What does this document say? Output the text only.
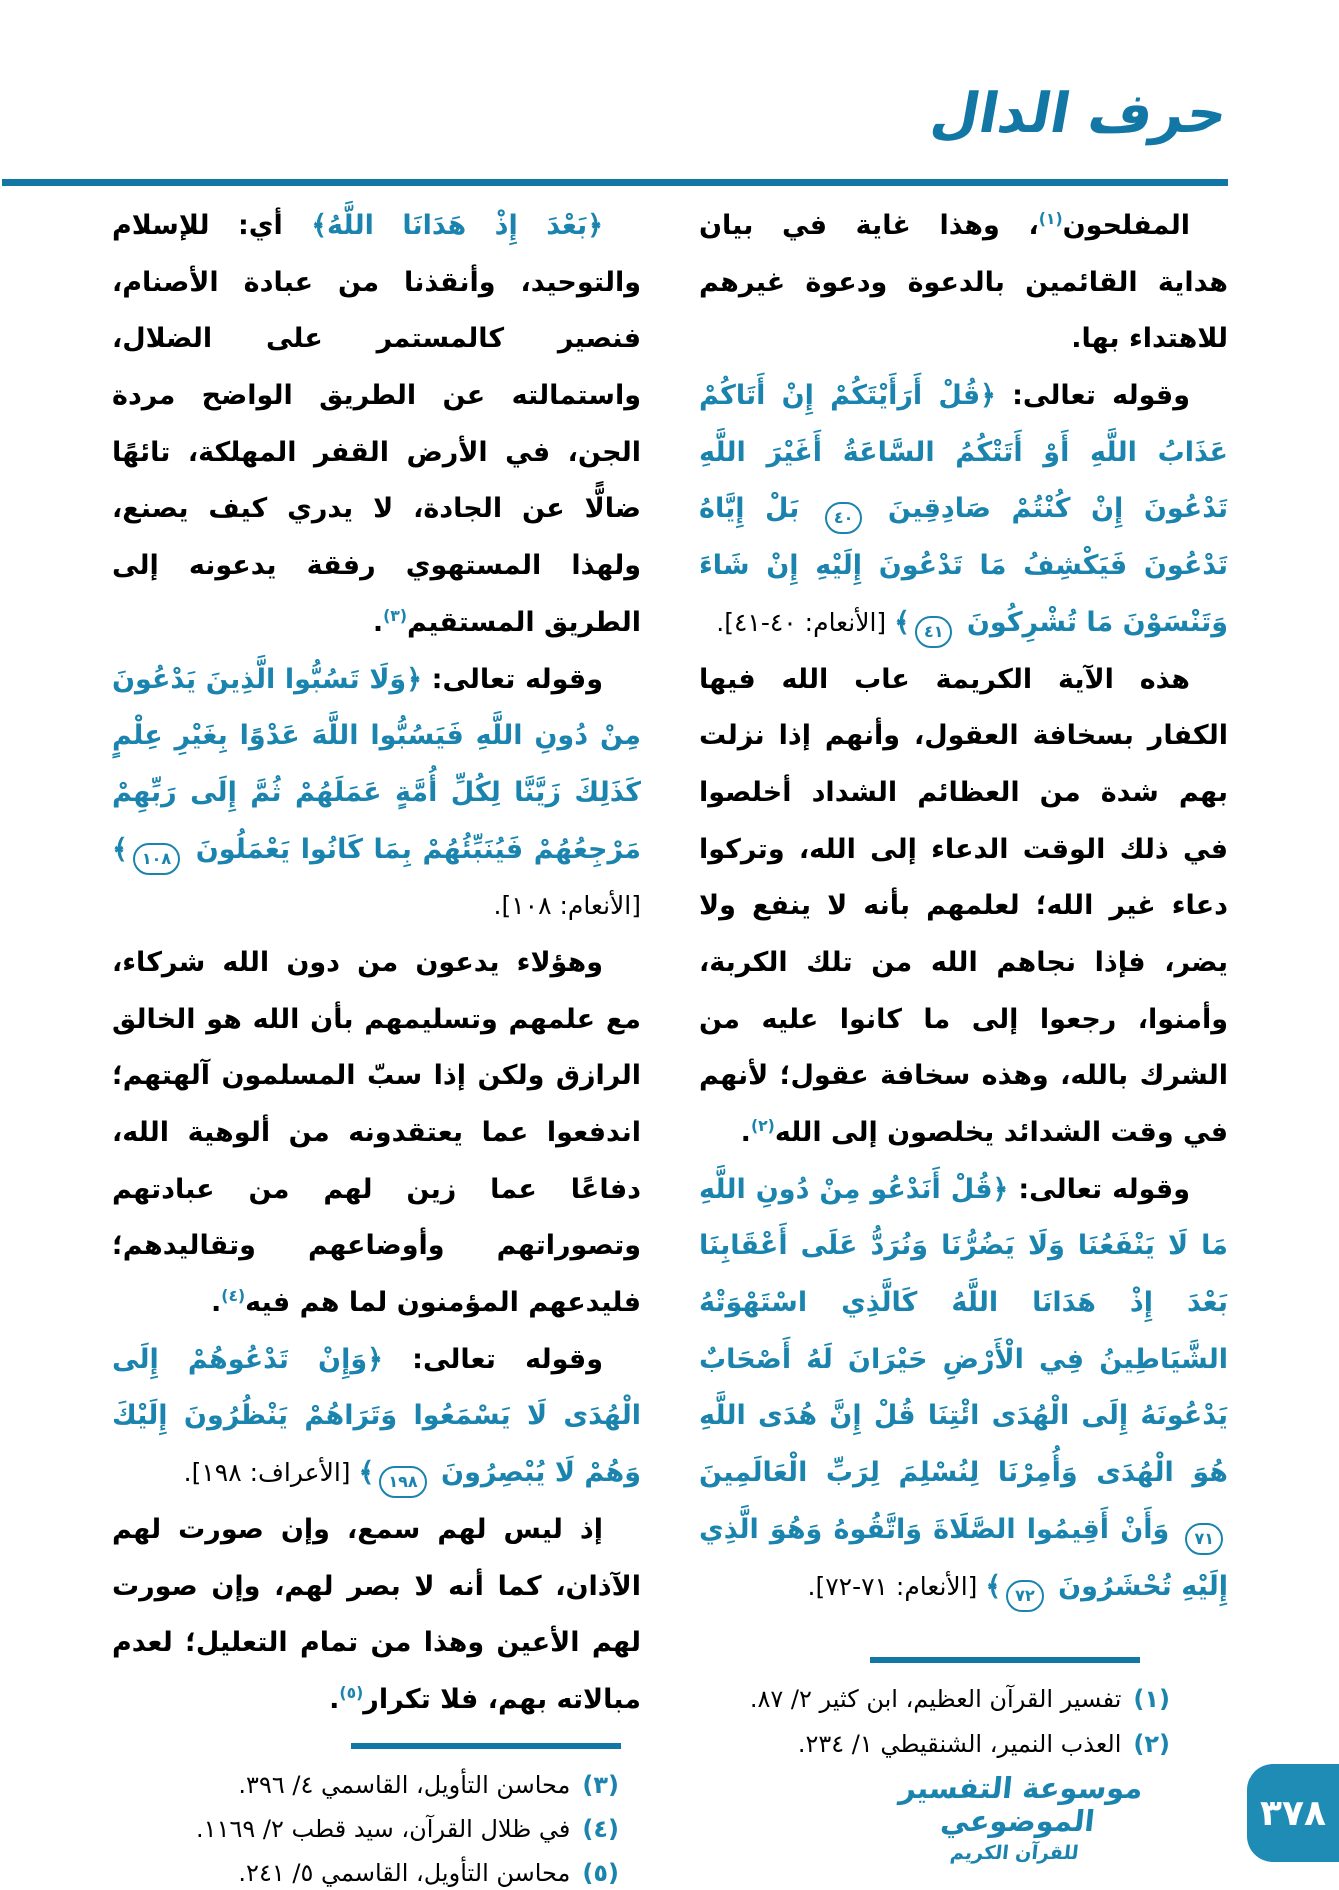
حرف الدال

المفلحون$^{(١)}$، وهذا غاية في بيان هداية القائمين بالدعوة ودعوة غيرهم للاهتداء بها.

وقوله تعالى: ﴿قُلْ أَرَأَيْتَكُمْ إِنْ أَتَاكُمْ عَذَابُ اللَّهِ أَوْ أَتَتْكُمُ السَّاعَةُ أَغَيْرَ اللَّهِ تَدْعُونَ إِنْ كُنْتُمْ صَادِقِينَ ٤٠ بَلْ إِيَّاهُ تَدْعُونَ فَيَكْشِفُ مَا تَدْعُونَ إِلَيْهِ إِنْ شَاءَ وَتَنْسَوْنَ مَا تُشْرِكُونَ ٤١﴾ [الأنعام: ٤٠-٤١].

هذه الآية الكريمة عاب الله فيها الكفار بسخافة العقول، وأنهم إذا نزلت بهم شدة من العظائم الشداد أخلصوا في ذلك الوقت الدعاء إلى الله، وتركوا دعاء غير الله؛ لعلمهم بأنه لا ينفع ولا يضر، فإذا نجاهم الله من تلك الكربة، وأمنوا، رجعوا إلى ما كانوا عليه من الشرك بالله، وهذه سخافة عقول؛ لأنهم في وقت الشدائد يخلصون إلى الله$^{(٢)}$.

وقوله تعالى: ﴿قُلْ أَنَدْعُو مِنْ دُونِ اللَّهِ مَا لَا يَنْفَعُنَا وَلَا يَضُرُّنَا وَنُرَدُّ عَلَى أَعْقَابِنَا بَعْدَ إِذْ هَدَانَا اللَّهُ كَالَّذِي اسْتَهْوَتْهُ الشَّيَاطِينُ فِي الْأَرْضِ حَيْرَانَ لَهُ أَصْحَابٌ يَدْعُونَهُ إِلَى الْهُدَى ائْتِنَا قُلْ إِنَّ هُدَى اللَّهِ هُوَ الْهُدَى وَأُمِرْنَا لِنُسْلِمَ لِرَبِّ الْعَالَمِينَ ٧١ وَأَنْ أَقِيمُوا الصَّلَاةَ وَاتَّقُوهُ وَهُوَ الَّذِي إِلَيْهِ تُحْشَرُونَ ٧٢﴾ [الأنعام: ٧١-٧٢].

(١)
تفسير القرآن العظيم، ابن كثير ٢/ ٨٧.
(٢)
العذب النمير، الشنقيطي ١/ ٢٣٤.

﴿بَعْدَ إِذْ هَدَانَا اللَّهُ﴾ أي: للإسلام والتوحيد، وأنقذنا من عبادة الأصنام، فنصير كالمستمر على الضلال، واستمالته عن الطريق الواضح مردة الجن، في الأرض القفر المهلكة، تائهًا ضالًّا عن الجادة، لا يدري كيف يصنع، ولهذا المستهوي رفقة يدعونه إلى الطريق المستقيم$^{(٣)}$.

وقوله تعالى: ﴿وَلَا تَسُبُّوا الَّذِينَ يَدْعُونَ مِنْ دُونِ اللَّهِ فَيَسُبُّوا اللَّهَ عَدْوًا بِغَيْرِ عِلْمٍ كَذَلِكَ زَيَّنَّا لِكُلِّ أُمَّةٍ عَمَلَهُمْ ثُمَّ إِلَى رَبِّهِمْ مَرْجِعُهُمْ فَيُنَبِّئُهُمْ بِمَا كَانُوا يَعْمَلُونَ ١٠٨﴾ [الأنعام: ١٠٨].

وهؤلاء يدعون من دون الله شركاء، مع علمهم وتسليمهم بأن الله هو الخالق الرازق ولكن إذا سبّ المسلمون آلهتهم؛ اندفعوا عما يعتقدونه من ألوهية الله، دفاعًا عما زين لهم من عبادتهم وتصوراتهم وأوضاعهم وتقاليدهم؛ فليدعهم المؤمنون لما هم فيه$^{(٤)}$.

وقوله تعالى: ﴿وَإِنْ تَدْعُوهُمْ إِلَى الْهُدَى لَا يَسْمَعُوا وَتَرَاهُمْ يَنْظُرُونَ إِلَيْكَ وَهُمْ لَا يُبْصِرُونَ ١٩٨﴾ [الأعراف: ١٩٨].

إذ ليس لهم سمع، وإن صورت لهم الآذان، كما أنه لا بصر لهم، وإن صورت لهم الأعين وهذا من تمام التعليل؛ لعدم مبالاته بهم، فلا تكرار$^{(٥)}$.

(٣)
محاسن التأويل، القاسمي ٤/ ٣٩٦.
(٤)
في ظلال القرآن، سيد قطب ٢/ ١١٦٩.
(٥)
محاسن التأويل، القاسمي ٥/ ٢٤١.
موسوعة التفسير الموضوعي
للقرآن الكريم
٣٧٨
